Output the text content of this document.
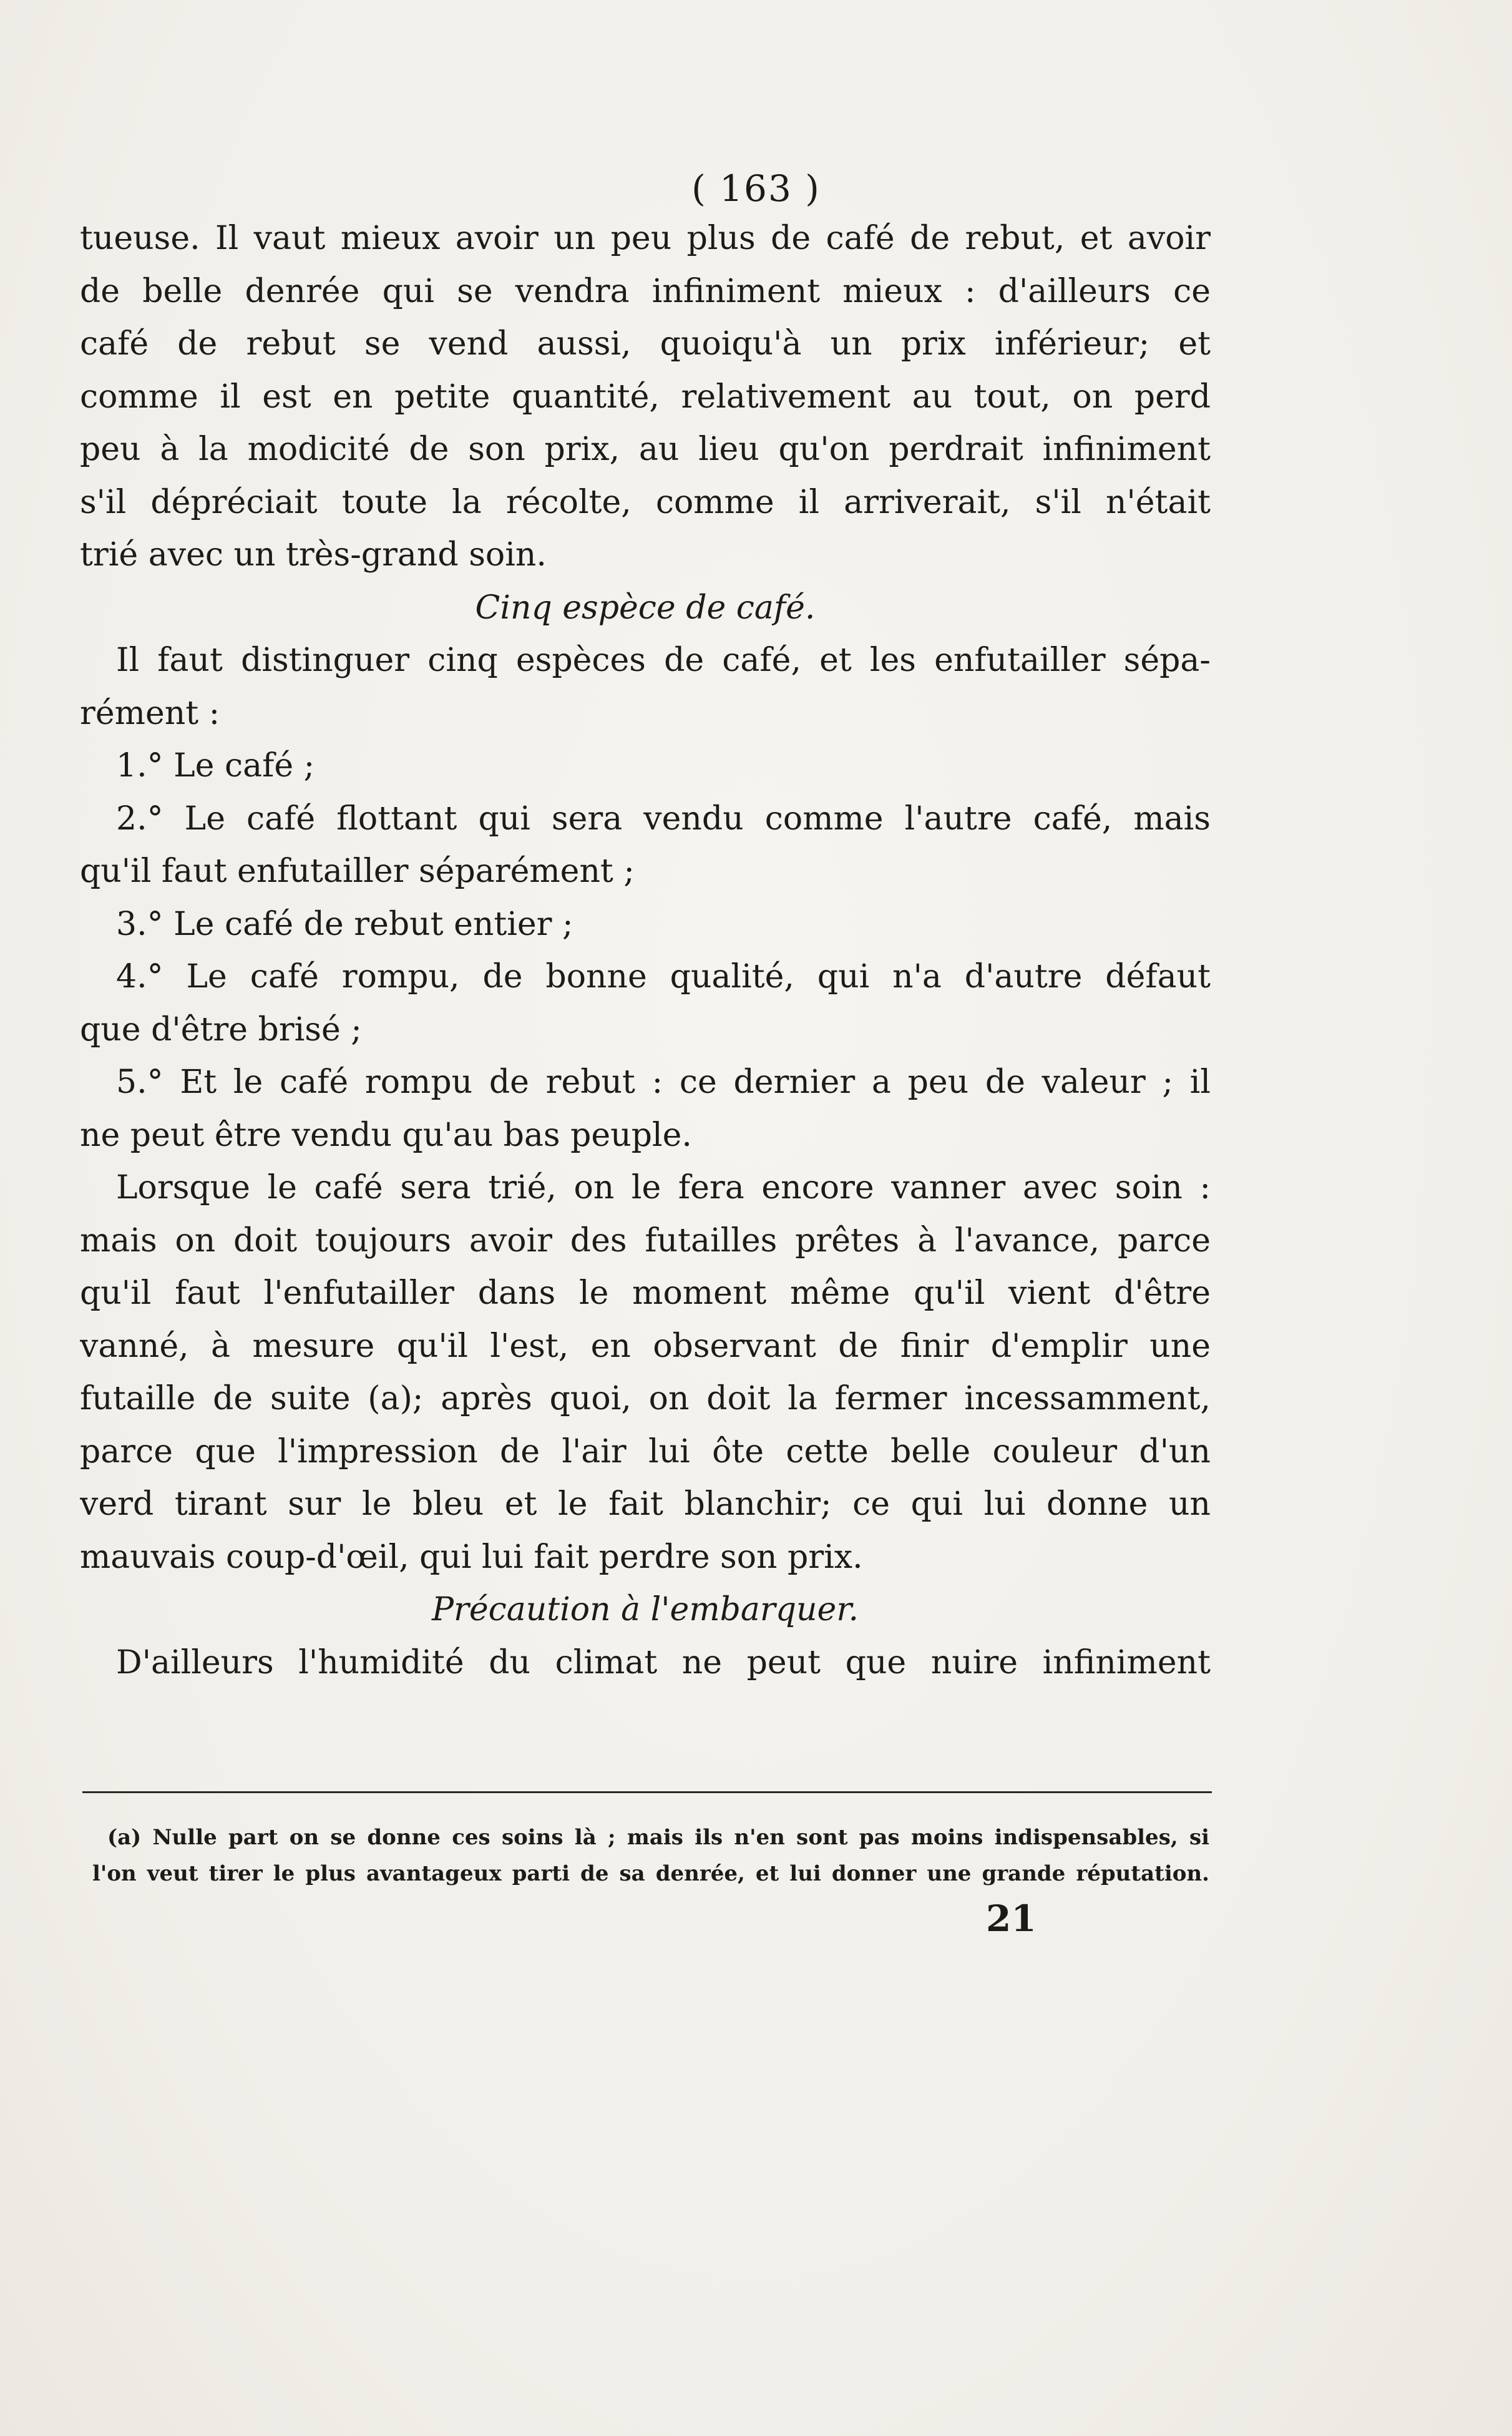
( 163 )
tueuse. Il vaut mieux avoir un peu plus de café de rebut, et avoir
de belle denrée qui se vendra infiniment mieux : d'ailleurs ce
café de rebut se vend aussi, quoiqu'à un prix inférieur; et
comme il est en petite quantité, relativement au tout, on perd
peu à la modicité de son prix, au lieu qu'on perdrait infiniment
s'il dépréciait toute la récolte, comme il arriverait, s'il n'était
trié avec un très-grand soin.
Cinq espèce de café.
Il faut distinguer cinq espèces de café, et les enfutailler sépa-
rément :
1.° Le café ;
2.° Le café flottant qui sera vendu comme l'autre café, mais
qu'il faut enfutailler séparément ;
3.° Le café de rebut entier ;
4.° Le café rompu, de bonne qualité, qui n'a d'autre défaut
que d'être brisé ;
5.° Et le café rompu de rebut : ce dernier a peu de valeur ; il
ne peut être vendu qu'au bas peuple.
Lorsque le café sera trié, on le fera encore vanner avec soin :
mais on doit toujours avoir des futailles prêtes à l'avance, parce
qu'il faut l'enfutailler dans le moment même qu'il vient d'être
vanné, à mesure qu'il l'est, en observant de finir d'emplir une
futaille de suite (a); après quoi, on doit la fermer incessamment,
parce que l'impression de l'air lui ôte cette belle couleur d'un
verd tirant sur le bleu et le fait blanchir; ce qui lui donne un
mauvais coup-d'œil, qui lui fait perdre son prix.
Précaution à l'embarquer.
D'ailleurs l'humidité du climat ne peut que nuire infiniment
(a) Nulle part on se donne ces soins là ; mais ils n'en sont pas moins indispensables, si
l'on veut tirer le plus avantageux parti de sa denrée, et lui donner une grande réputation.
21
